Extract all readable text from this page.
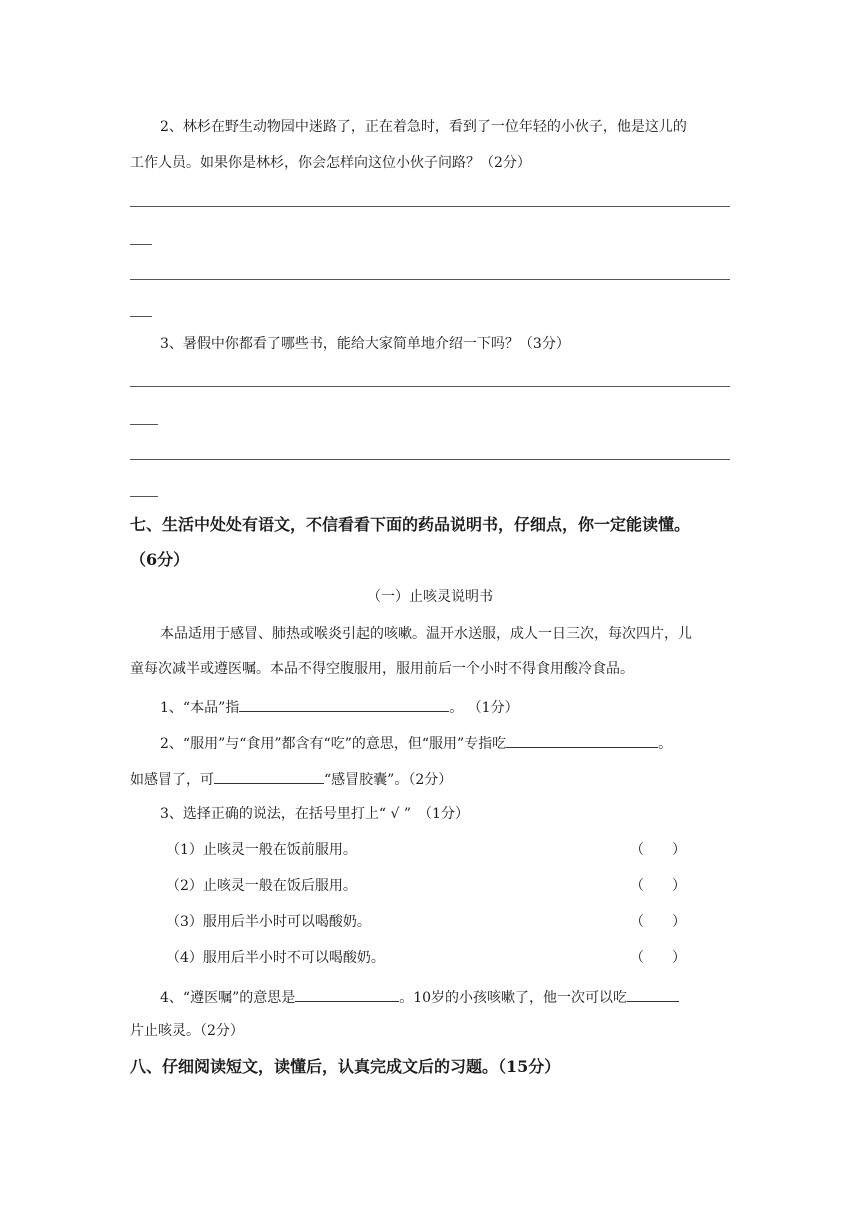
2、林杉在野生动物园中迷路了，正在着急时，看到了一位年轻的小伙子，他是这儿的
工作人员。如果你是林杉，你会怎样向这位小伙子问路？（2分）
3、暑假中你都看了哪些书，能给大家简单地介绍一下吗？（3分）
七、生活中处处有语文，不信看看下面的药品说明书，仔细点，你一定能读懂。
（6分）
（一）止咳灵说明书
本品适用于感冒、肺热或喉炎引起的咳嗽。温开水送服，成人一日三次，每次四片，儿
童每次减半或遵医嘱。本品不得空腹服用，服用前后一个小时不得食用酸冷食品。
1、“本品”指	。 （1分）
2、“服用”与“食用”都含有“吃”的意思，但“服用”专指吃	。
如感冒了，可	“感冒胶囊”。（2分）
3、选择正确的说法，在括号里打上“ √ ”　（1分）
（1）止咳灵一般在饭前服用。	（　　）
（2）止咳灵一般在饭后服用。	（　　）
（3）服用后半小时可以喝酸奶。	（　　）
（4）服用后半小时不可以喝酸奶。	（　　）
4、“遵医嘱”的意思是	。10岁的小孩咳嗽了，他一次可以吃
片止咳灵。（2分）
八、仔细阅读短文，读懂后，认真完成文后的习题。（15分）
